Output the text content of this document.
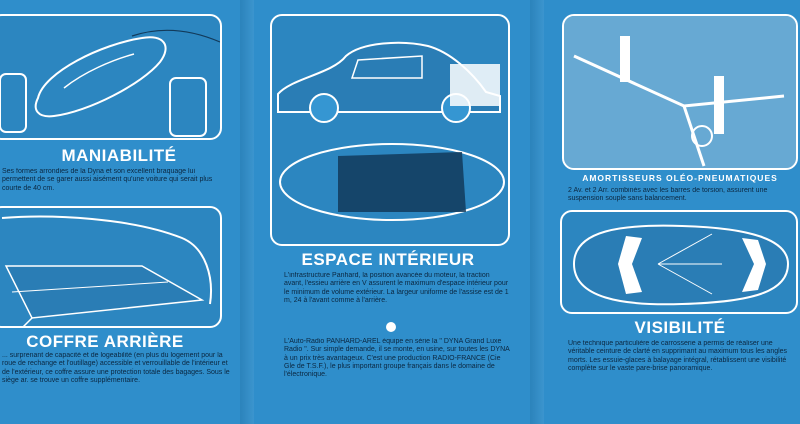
MANIABILITÉ

Ses formes arrondies de la Dyna et son excellent braquage lui permettent de se garer aussi aisément qu'une voiture qui serait plus courte de 40 cm.

COFFRE ARRIÈRE

... surprenant de capacité et de logeabilité (en plus du logement pour la roue de rechange et l'outillage) accessible et verrouillable de l'intérieur et de l'extérieur, ce coffre assure une protection totale des bagages. Sous le siège ar. se trouve un coffre supplémentaire.

ESPACE INTÉRIEUR

L'infrastructure Panhard, la position avancée du moteur, la traction avant, l'essieu arrière en V assurent le maximum d'espace intérieur pour le minimum de volume extérieur. La largeur uniforme de l'assise est de 1 m, 24 à l'avant comme à l'arrière.

L'Auto-Radio PANHARD-AREL équipe en série la " DYNA Grand Luxe Radio ". Sur simple demande, il se monte, en usine, sur toutes les DYNA à un prix très avantageux. C'est une production RADIO-FRANCE (Cie Gle de T.S.F.), le plus important groupe français dans le domaine de l'électronique.

AMORTISSEURS OLÉO-PNEUMATIQUES

2 Av. et 2 Arr. combinés avec les barres de torsion, assurent une suspension souple sans balancement.

VISIBILITÉ

Une technique particulière de carrosserie a permis de réaliser une véritable ceinture de clarté en supprimant au maximum tous les angles morts. Les essuie-glaces à balayage intégral, rétablissent une visibilité complète sur le vaste pare-brise panoramique.
